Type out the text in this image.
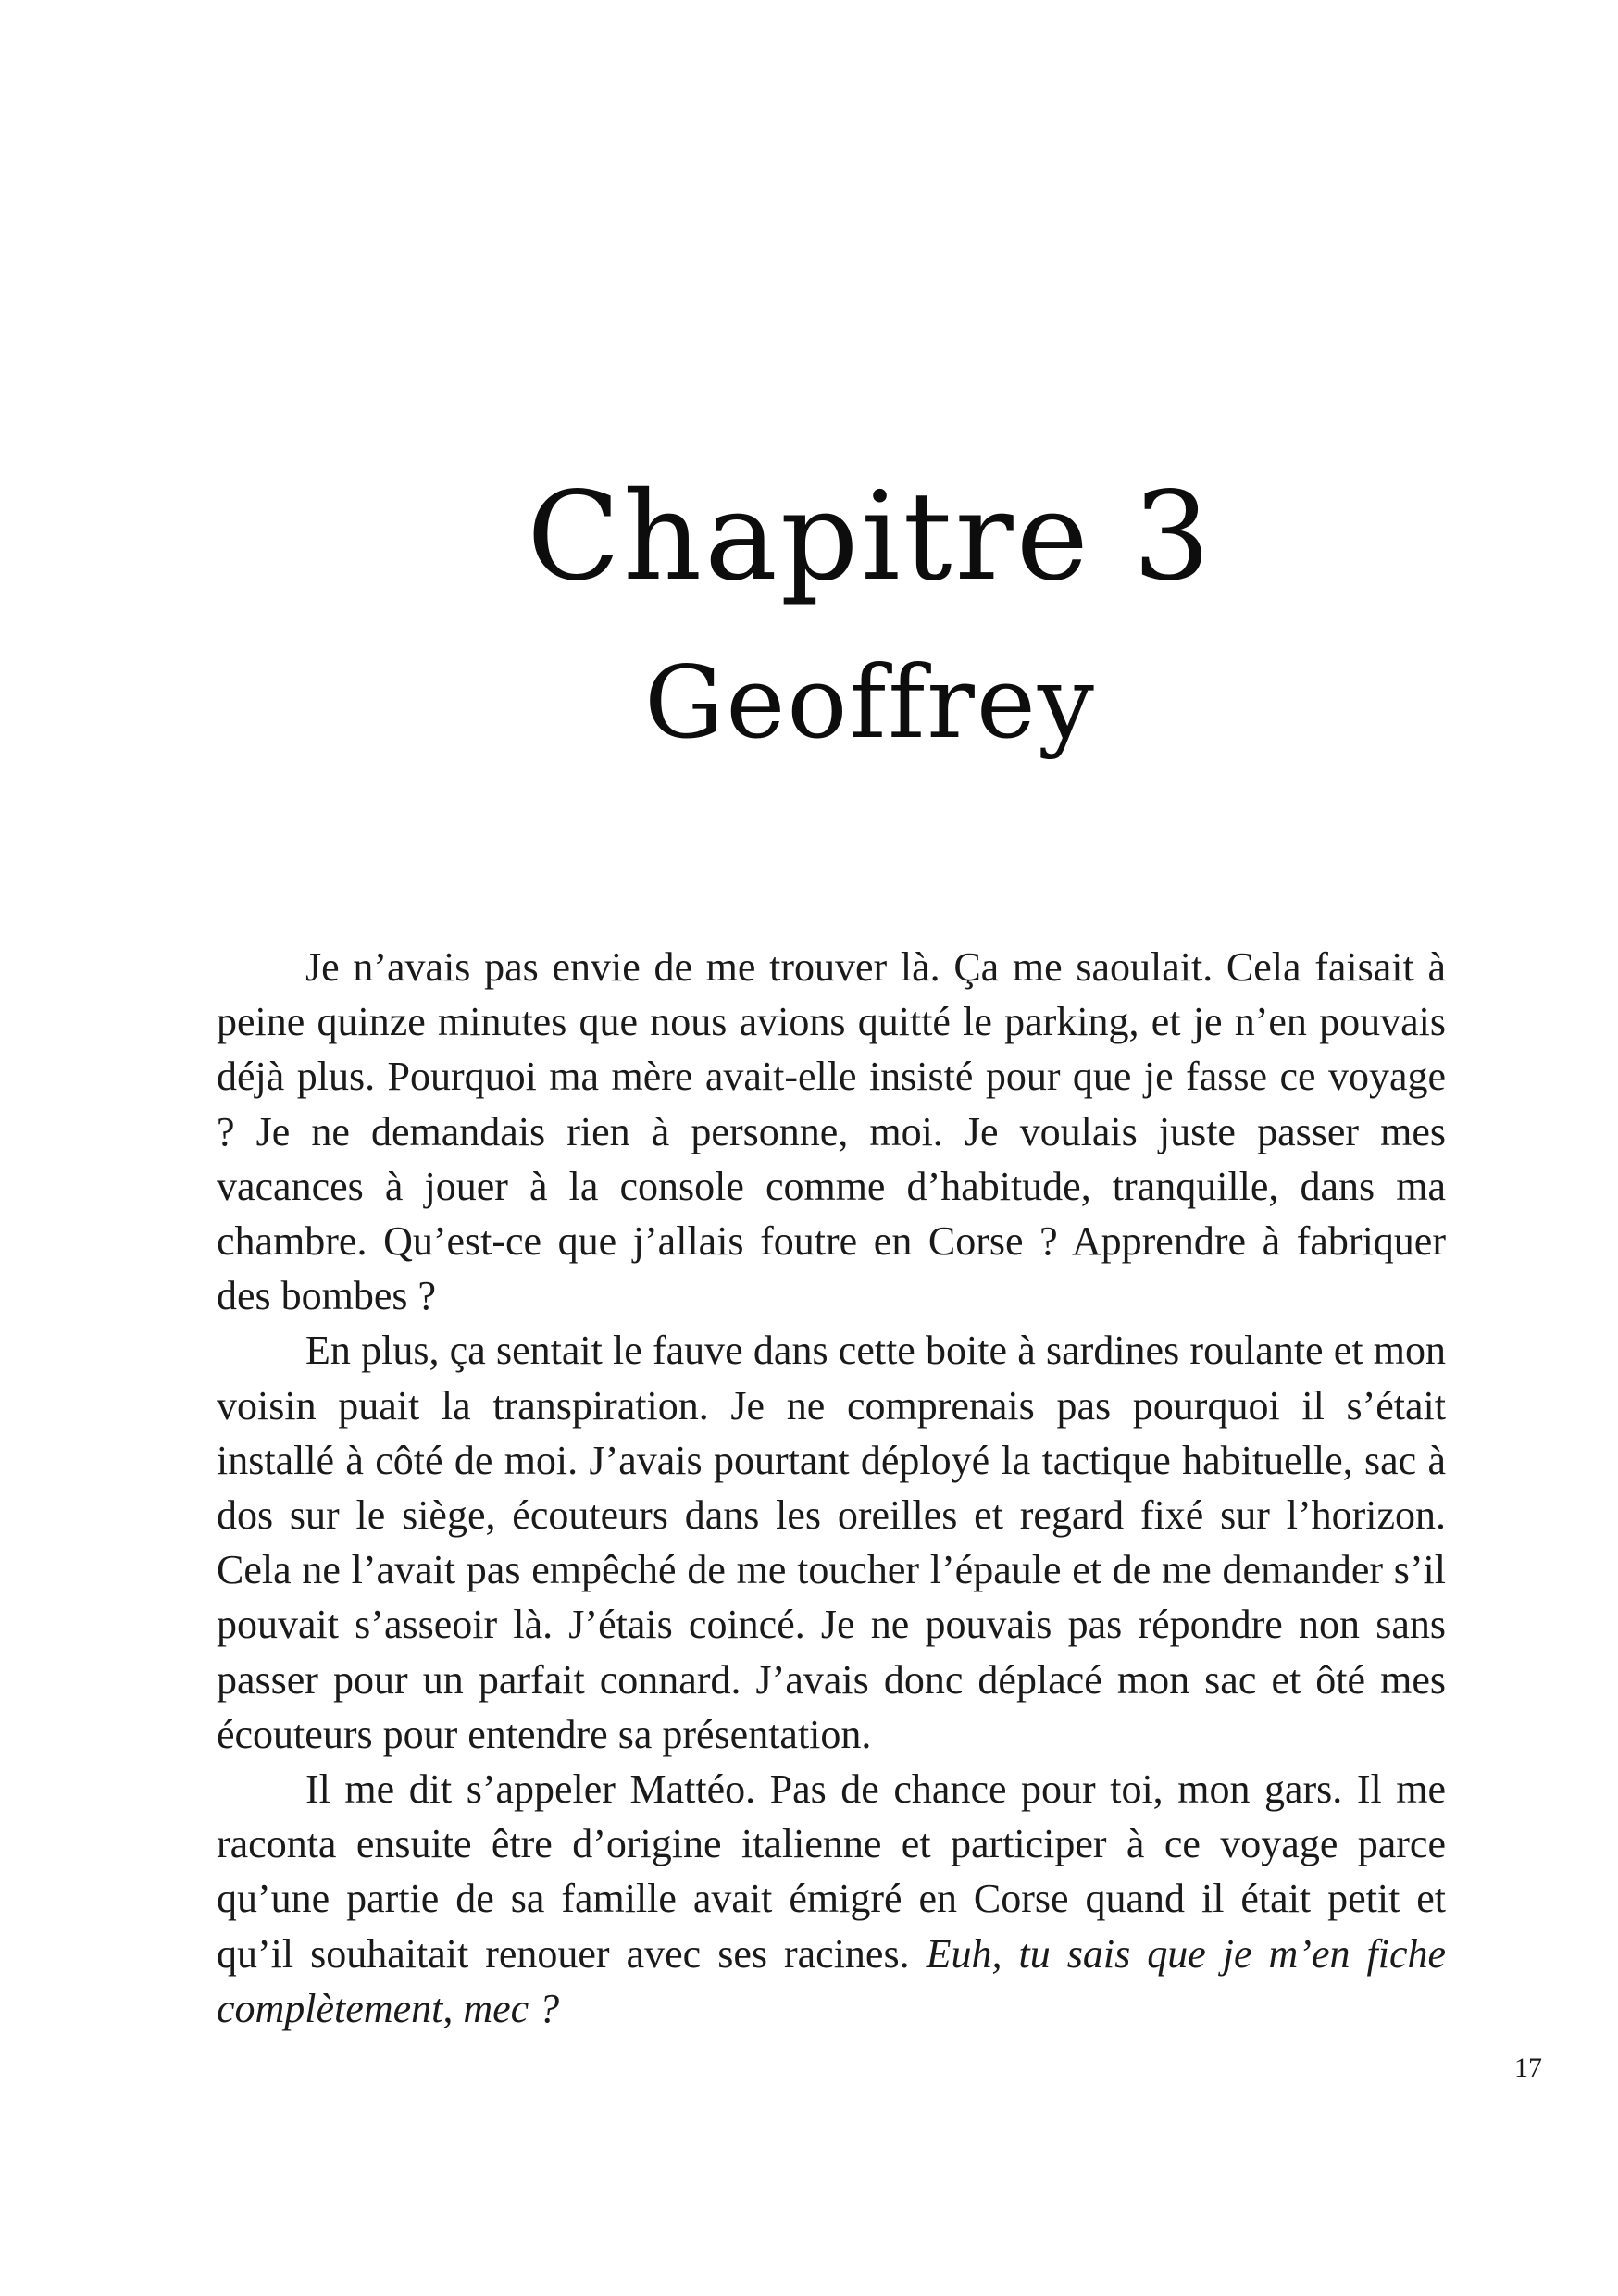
Chapitre 3
Geoffrey

Je n’avais pas envie de me trouver là. Ça me saoulait. Cela faisait à peine quinze minutes que nous avions quitté le parking, et je n’en pouvais déjà plus. Pourquoi ma mère avait-elle insisté pour que je fasse ce voyage ? Je ne demandais rien à personne, moi. Je voulais juste passer mes vacances à jouer à la console comme d’habitude, tranquille, dans ma chambre. Qu’est-ce que j’allais foutre en Corse ? Apprendre à fabriquer des bombes ?

En plus, ça sentait le fauve dans cette boite à sardines roulante et mon voisin puait la transpiration. Je ne comprenais pas pourquoi il s’était installé à côté de moi. J’avais pourtant déployé la tactique habituelle, sac à dos sur le siège, écouteurs dans les oreilles et regard fixé sur l’horizon. Cela ne l’avait pas empêché de me toucher l’épaule et de me demander s’il pouvait s’asseoir là. J’étais coincé. Je ne pouvais pas répondre non sans passer pour un parfait connard. J’avais donc déplacé mon sac et ôté mes écouteurs pour entendre sa présentation.

Il me dit s’appeler Mattéo. Pas de chance pour toi, mon gars. Il me raconta ensuite être d’origine italienne et participer à ce voyage parce qu’une partie de sa famille avait émigré en Corse quand il était petit et qu’il souhaitait renouer avec ses racines. Euh, tu sais que je m’en fiche complètement, mec ?

17
